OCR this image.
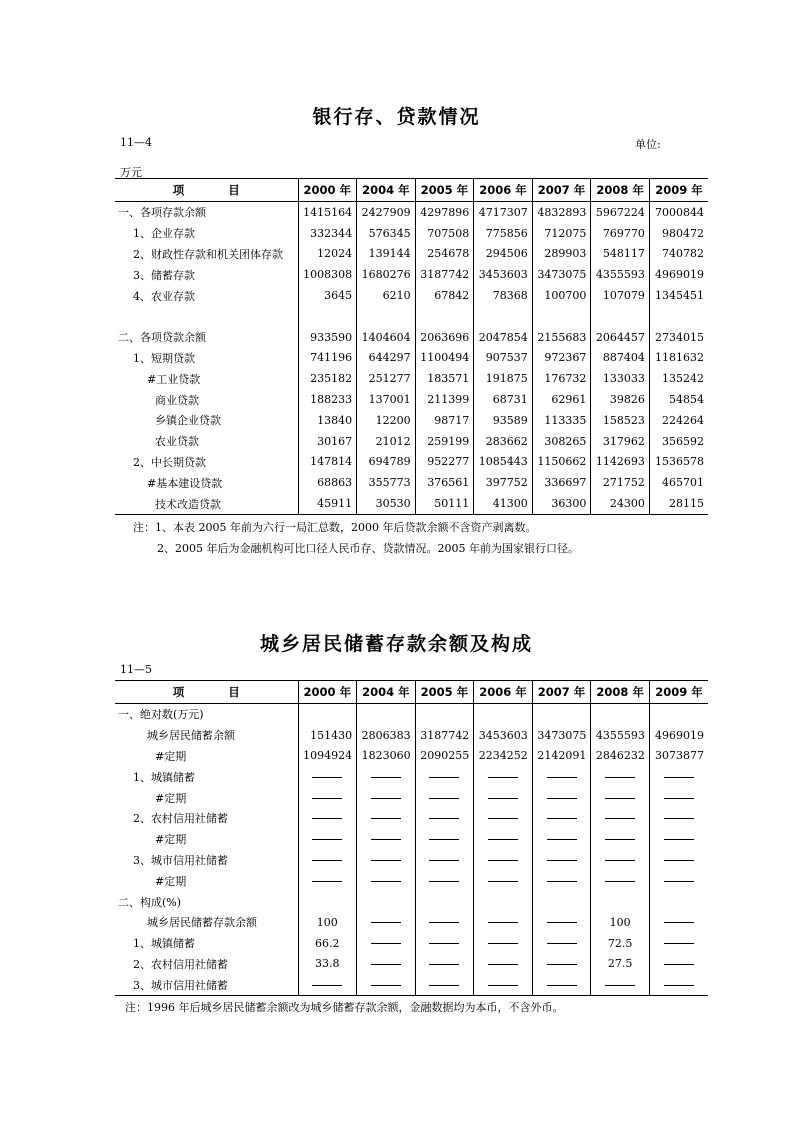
银行存、贷款情况
11—4	单位:
万元
项 目	2000 年	2004 年	2005 年	2006 年	2007 年	2008 年	2009 年
一、各项存款余额	1415164	2427909	4297896	4717307	4832893	5967224	7000844
1、企业存款	332344	576345	707508	775856	712075	769770	980472
2、财政性存款和机关团体存款	12024	139144	254678	294506	289903	548117	740782
3、储蓄存款	1008308	1680276	3187742	3453603	3473075	4355593	4969019
4、农业存款	3645	6210	67842	78368	100700	107079	1345451

二、各项贷款余额	933590	1404604	2063696	2047854	2155683	2064457	2734015
1、短期贷款	741196	644297	1100494	907537	972367	887404	1181632
#工业贷款	235182	251277	183571	191875	176732	133033	135242
商业贷款	188233	137001	211399	68731	62961	39826	54854
乡镇企业贷款	13840	12200	98717	93589	113335	158523	224264
农业贷款	30167	21012	259199	283662	308265	317962	356592
2、中长期贷款	147814	694789	952277	1085443	1150662	1142693	1536578
#基本建设贷款	68863	355773	376561	397752	336697	271752	465701
技术改造贷款	45911	30530	50111	41300	36300	24300	28115
注：1、本表 2005 年前为六行一局汇总数，2000 年后贷款余额不含资产剥离数。
2、2005 年后为金融机构可比口径人民币存、贷款情况。2005 年前为国家银行口径。
城乡居民储蓄存款余额及构成
11—5
项 目	2000 年	2004 年	2005 年	2006 年	2007 年	2008 年	2009 年
一、绝对数(万元)							
城乡居民储蓄余额	151430	2806383	3187742	3453603	3473075	4355593	4969019
#定期	1094924	1823060	2090255	2234252	2142091	2846232	3073877
1、城镇储蓄							
#定期							
2、农村信用社储蓄							
#定期							
3、城市信用社储蓄							
#定期							
二、构成(%)							
城乡居民储蓄存款余额	100					100	
1、城镇储蓄	66.2					72.5	
2、农村信用社储蓄	33.8					27.5	
3、城市信用社储蓄							
注：1996 年后城乡居民储蓄余额改为城乡储蓄存款余额，金融数据均为本币，不含外币。
